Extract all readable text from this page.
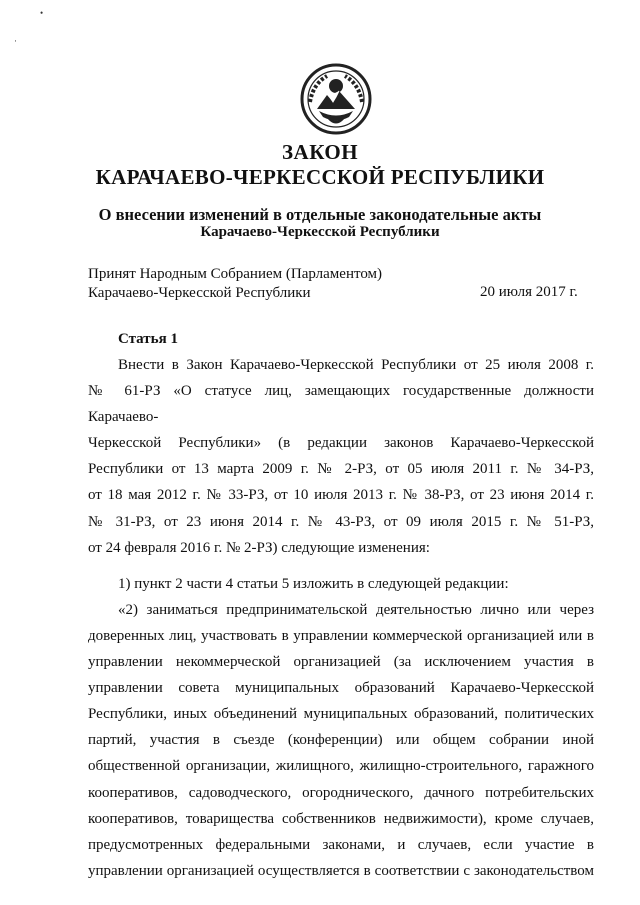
•
·
ЗАКОН
КАРАЧАЕВО-ЧЕРКЕССКОЙ РЕСПУБЛИКИ
О внесении изменений в отдельные законодательные акты
Карачаево-Черкесской Республики
Принят Народным Собранием (Парламентом)
Карачаево-Черкесской Республики	20 июля 2017 г.
Статья 1

Внести в Закон Карачаево-Черкесской Республики от 25 июля 2008 г.

№ 61-РЗ «О статусе лиц, замещающих государственные должности Карачаево-

Черкесской Республики» (в редакции законов Карачаево-Черкесской

Республики от 13 марта 2009 г. № 2-РЗ, от 05 июля 2011 г. № 34-РЗ,

от 18 мая 2012 г. № 33-РЗ, от 10 июля 2013 г. № 38-РЗ, от 23 июня 2014 г.

№ 31-РЗ, от 23 июня 2014 г. № 43-РЗ, от 09 июля 2015 г. № 51-РЗ,

от 24 февраля 2016 г. № 2-РЗ) следующие изменения:

1) пункт 2 части 4 статьи 5 изложить в следующей редакции:

«2) заниматься предпринимательской деятельностью лично или через

доверенных лиц, участвовать в управлении коммерческой организацией или в

управлении некоммерческой организацией (за исключением участия в

управлении совета муниципальных образований Карачаево-Черкесской

Республики, иных объединений муниципальных образований, политических

партий, участия в съезде (конференции) или общем собрании иной

общественной организации, жилищного, жилищно-строительного, гаражного

кооперативов, садоводческого, огороднического, дачного потребительских

кооперативов, товарищества собственников недвижимости), кроме случаев,

предусмотренных федеральными законами, и случаев, если участие в

управлении организацией осуществляется в соответствии с законодательством
